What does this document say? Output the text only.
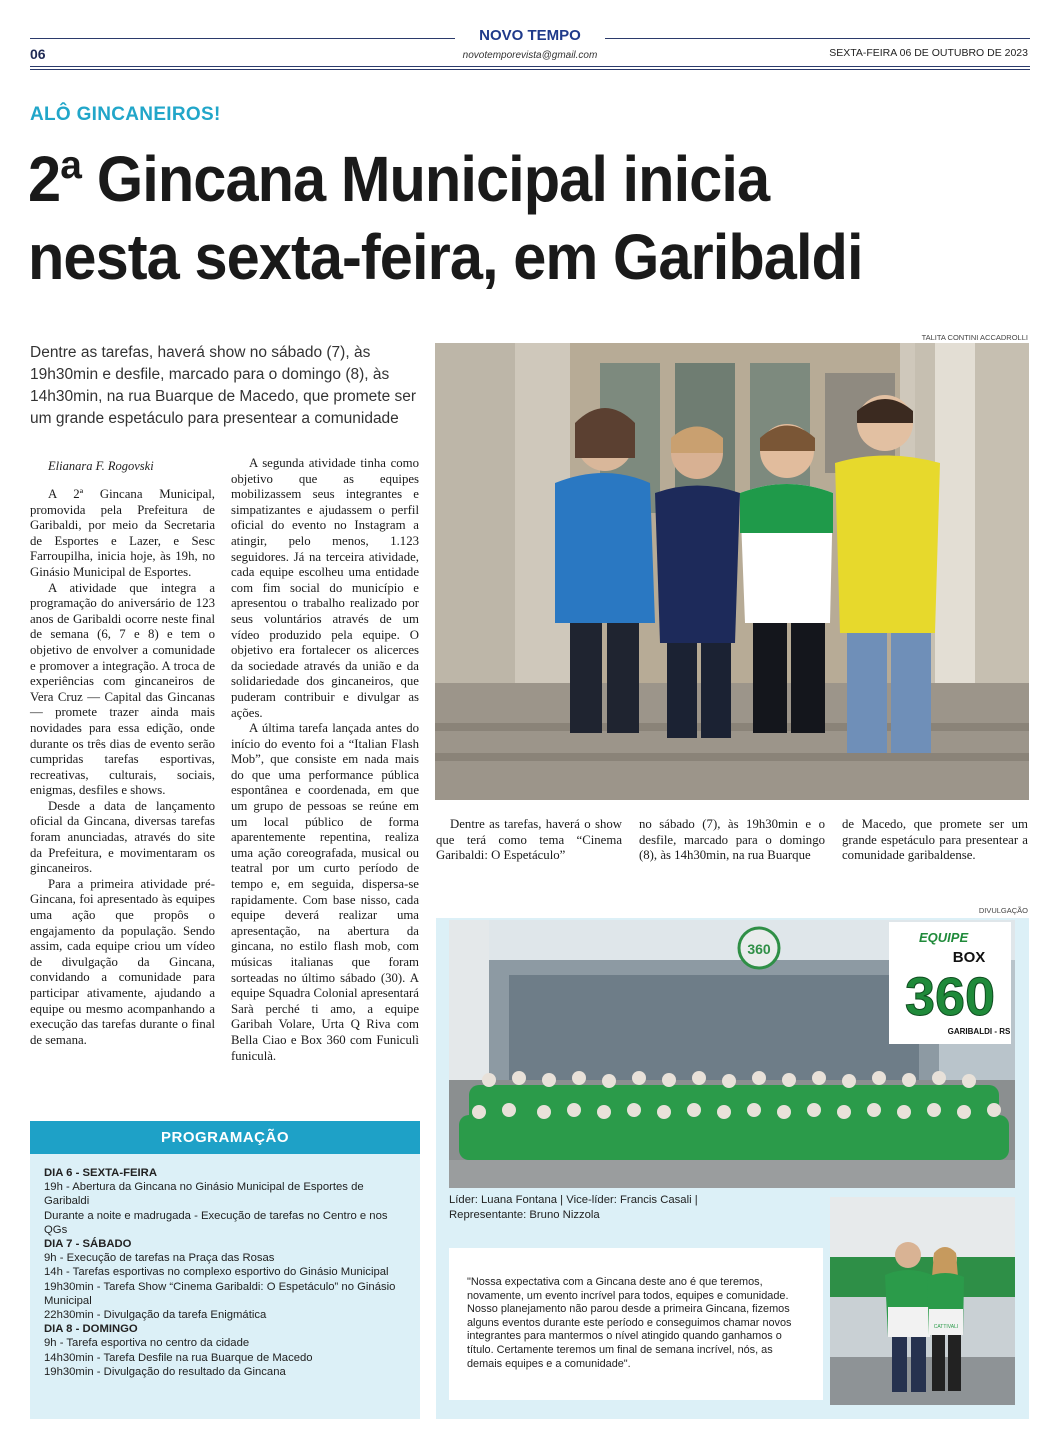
06
NOVO TEMPO
novotemporevista@gmail.com	SEXTA-FEIRA 06 DE OUTUBRO DE 2023
ALÔ GINCANEIROS!
2ª Gincana Municipal inicia
nesta sexta-feira, em Garibaldi
TALITA CONTINI ACCADROLLI
Dentre as tarefas, haverá show no sábado (7), às 19h30min e desfile, marcado para o domingo (8), às 14h30min, na rua Buarque de Macedo, que promete ser um grande espetáculo para presentear a comunidade
Elianara F. Rogovski

A 2ª Gincana Municipal, promovida pela Prefeitura de Garibaldi, por meio da Secretaria de Esportes e Lazer, e Sesc Farroupilha, inicia hoje, às 19h, no Ginásio Municipal de Esportes.

A atividade que integra a programação do aniversário de 123 anos de Garibaldi ocorre neste final de semana (6, 7 e 8) e tem o objetivo de envolver a comunidade e promover a integração. A troca de experiências com gincaneiros de Vera Cruz — Capital das Gincanas — promete trazer ainda mais novidades para essa edição, onde durante os três dias de evento serão cumpridas tarefas esportivas, recreativas, culturais, sociais, enigmas, desfiles e shows.

Desde a data de lançamento oficial da Gincana, diversas tarefas foram anunciadas, através do site da Prefeitura, e movimentaram os gincaneiros.

Para a primeira atividade pré-Gincana, foi apresentado às equipes uma ação que propôs o engajamento da população. Sendo assim, cada equipe criou um vídeo de divulgação da Gincana, convidando a comunidade para participar ativamente, ajudando a equipe ou mesmo acompanhando a execução das tarefas durante o final de semana.

A segunda atividade tinha como objetivo que as equipes mobilizassem seus integrantes e simpatizantes e ajudassem o perfil oficial do evento no Instagram a atingir, pelo menos, 1.123 seguidores. Já na terceira atividade, cada equipe escolheu uma entidade com fim social do município e apresentou o trabalho realizado por seus voluntários através de um vídeo produzido pela equipe. O objetivo era fortalecer os alicerces da sociedade através da união e da solidariedade dos gincaneiros, que puderam contribuir e divulgar as ações.

A última tarefa lançada antes do início do evento foi a “Italian Flash Mob”, que consiste em nada mais do que uma performance pública espontânea e coordenada, em que um grupo de pessoas se reúne em um local público de forma aparentemente repentina, realiza uma ação coreografada, musical ou teatral por um curto período de tempo e, em seguida, dispersa-se rapidamente. Com base nisso, cada equipe deverá realizar uma apresentação, na abertura da gincana, no estilo flash mob, com músicas italianas que foram sorteadas no último sábado (30). A equipe Squadra Colonial apresentará Sarà perché ti amo, a equipe Garibah Volare, Urta Q Riva com Bella Ciao e Box 360 com Funiculì funiculà.

Dentre as tarefas, haverá o show que terá como tema “Cinema Garibaldi: O Espetáculo”
no sábado (7), às 19h30min e o desfile, marcado para o domingo (8), às 14h30min, na rua Buarque
de Macedo, que promete ser um grande espetáculo para presentear a comunidade garibaldense.
PROGRAMAÇÃO
DIA 6 - SEXTA-FEIRA
19h - Abertura da Gincana no Ginásio Municipal de Esportes de Garibaldi
Durante a noite e madrugada - Execução de tarefas no Centro e nos QGs
DIA 7 - SÁBADO
9h - Execução de tarefas na Praça das Rosas
14h - Tarefas esportivas no complexo esportivo do Ginásio Municipal
19h30min - Tarefa Show “Cinema Garibaldi: O Espetáculo” no Ginásio Municipal
22h30min - Divulgação da tarefa Enigmática
DIA 8 - DOMINGO
9h - Tarefa esportiva no centro da cidade
14h30min - Tarefa Desfile na rua Buarque de Macedo
19h30min - Divulgação do resultado da Gincana
DIVULGAÇÃO
360
EQUIPE
BOX
360
GARIBALDI - RS
Líder: Luana Fontana | Vice-líder: Francis Casali |
Representante: Bruno Nizzola
"Nossa expectativa com a Gincana deste ano é que teremos, novamente, um evento incrível para todos, equipes e comunidade. Nosso planejamento não parou desde a primeira Gincana, fizemos alguns eventos durante este período e conseguimos chamar novos integrantes para mantermos o nível atingido quando ganhamos o título. Certamente teremos um final de semana incrível, nós, as demais equipes e a comunidade".
CATTIVALI
